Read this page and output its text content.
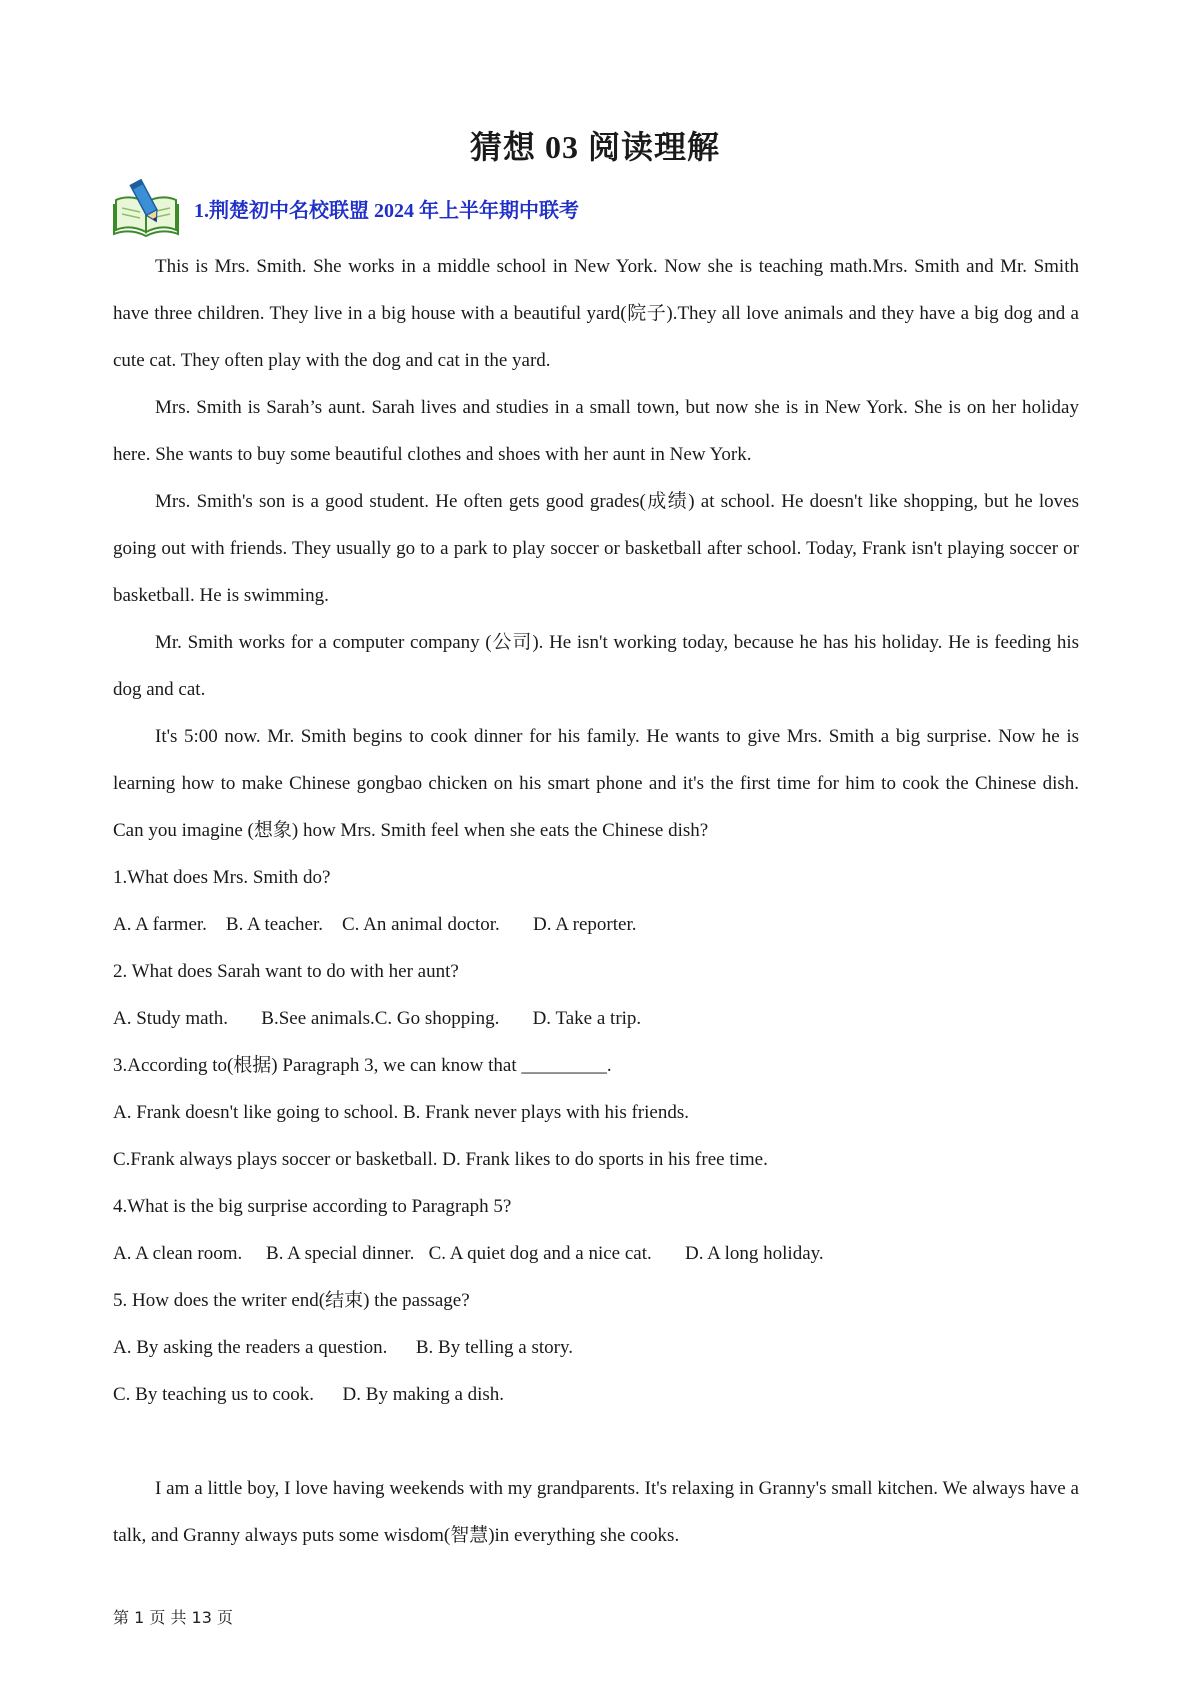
猜想 03 阅读理解
1.荆楚初中名校联盟 2024 年上半年期中联考

This is Mrs. Smith. She works in a middle school in New York. Now she is teaching math.Mrs. Smith and Mr. Smith have three children. They live in a big house with a beautiful yard(院子).They all love animals and they have a big dog and a cute cat. They often play with the dog and cat in the yard.

Mrs. Smith is Sarah’s aunt. Sarah lives and studies in a small town, but now she is in New York. She is on her holiday here. She wants to buy some beautiful clothes and shoes with her aunt in New York.

Mrs. Smith's son is a good student. He often gets good grades(成绩) at school. He doesn't like shopping, but he loves going out with friends. They usually go to a park to play soccer or basketball after school. Today, Frank isn't playing soccer or basketball. He is swimming.

Mr. Smith works for a computer company (公司). He isn't working today, because he has his holiday. He is feeding his dog and cat.

It's 5:00 now. Mr. Smith begins to cook dinner for his family. He wants to give Mrs. Smith a big surprise. Now he is learning how to make Chinese gongbao chicken on his smart phone and it's the first time for him to cook the Chinese dish. Can you imagine (想象) how Mrs. Smith feel when she eats the Chinese dish?

1.What does Mrs. Smith do?

A. A farmer.    B. A teacher.    C. An animal doctor.       D. A reporter.

2. What does Sarah want to do with her aunt?

A. Study math.       B.See animals.C. Go shopping.       D. Take a trip.

3.According to(根据) Paragraph 3, we can know that _________.

A. Frank doesn't like going to school. B. Frank never plays with his friends.

C.Frank always plays soccer or basketball. D. Frank likes to do sports in his free time.

4.What is the big surprise according to Paragraph 5?

A. A clean room.     B. A special dinner.   C. A quiet dog and a nice cat.       D. A long holiday.

5. How does the writer end(结束) the passage?

A. By asking the readers a question.      B. By telling a story.

C. By teaching us to cook.      D. By making a dish.

I am a little boy, I love having weekends with my grandparents. It's relaxing in Granny's small kitchen. We always have a talk, and Granny always puts some wisdom(智慧)in everything she cooks.

第 1 页 共 13 页
